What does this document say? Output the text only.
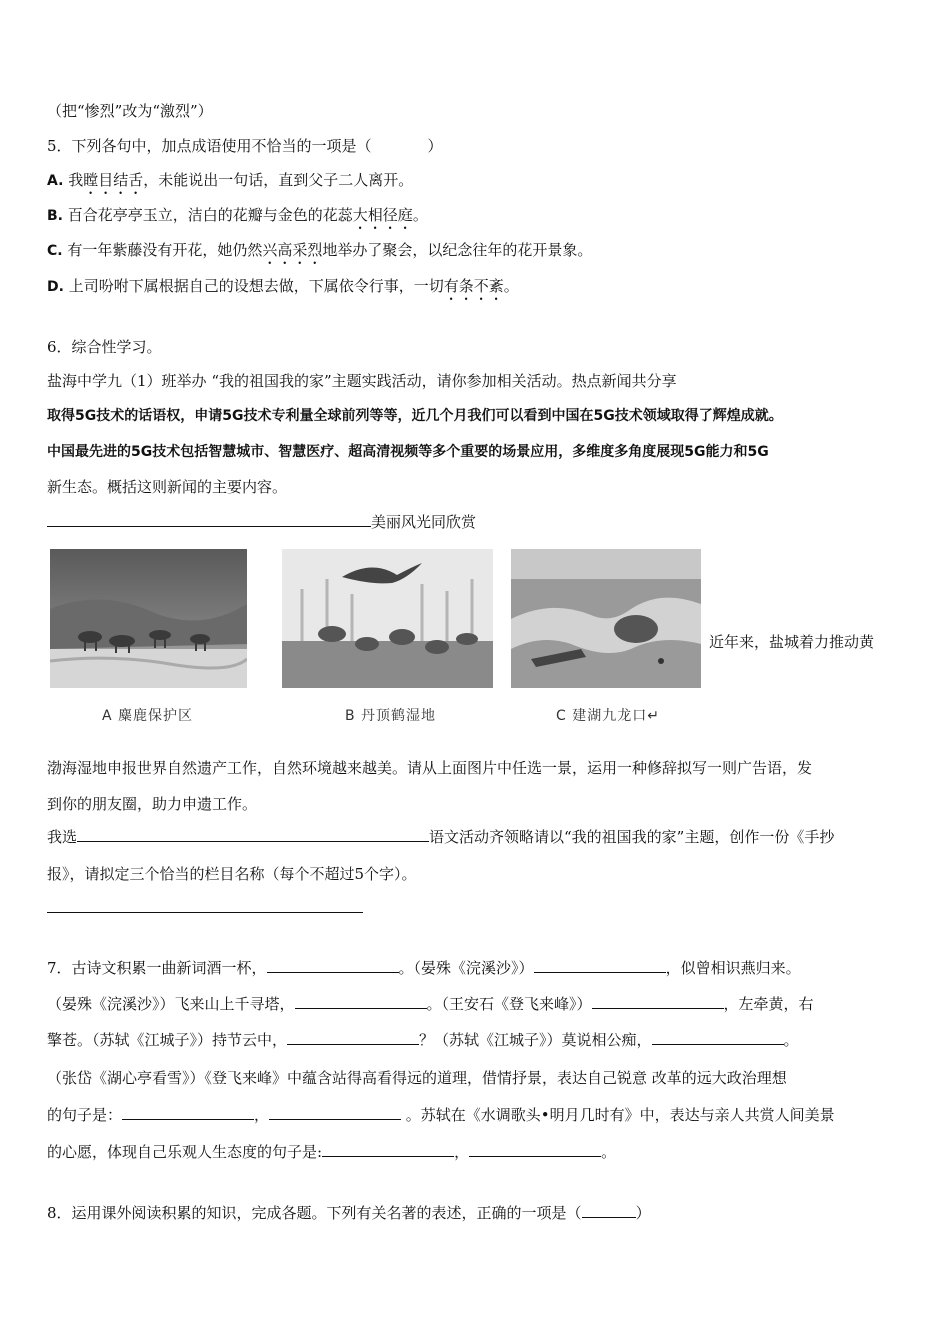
（把“惨烈”改为“激烈”）
5．下列各句中，加点成语使用不恰当的一项是（	）
A. 我瞠目结舌，未能说出一句话，直到父子二人离开。
B. 百合花亭亭玉立，洁白的花瓣与金色的花蕊大相径庭。
C. 有一年紫藤没有开花，她仍然兴高采烈地举办了聚会，以纪念往年的花开景象。
D. 上司吩咐下属根据自己的设想去做，下属依令行事，一切有条不紊。
6．综合性学习。
盐海中学九（1）班举办 “我的祖国我的家”主题实践活动，请你参加相关活动。热点新闻共分享
取得5G技术的话语权，申请5G技术专利量全球前列等等，近几个月我们可以看到中国在5G技术领域取得了辉煌成就。
中国最先进的5G技术包括智慧城市、智慧医疗、超高清视频等多个重要的场景应用，多维度多角度展现5G能力和5G
新生态。概括这则新闻的主要内容。
美丽风光同欣赏
A 麋鹿保护区	B 丹顶鹤湿地	C 建湖九龙口↵
近年来，盐城着力推动黄
渤海湿地申报世界自然遗产工作，自然环境越来越美。请从上面图片中任选一景，运用一种修辞拟写一则广告语，发
到你的朋友圈，助力申遗工作。
我选	语文活动齐领略请以“我的祖国我的家”主题，创作一份《手抄
报》，请拟定三个恰当的栏目名称（每个不超过5个字）。
7．古诗文积累一曲新词酒一杯，	。（晏殊《浣溪沙》）	，似曾相识燕归来。
（晏殊《浣溪沙》）飞来山上千寻塔，	。（王安石《登飞来峰》）	，左牵黄，右
擎苍。（苏轼《江城子》）持节云中，	？（苏轼《江城子》）莫说相公痴，	。
（张岱《湖心亭看雪》）《登飞来峰》中蕴含站得高看得远的道理，借情抒景，表达自己锐意 改革的远大政治理想
的句子是：	，	。苏轼在《水调歌头•明月几时有》中，表达与亲人共赏人间美景
的心愿，体现自己乐观人生态度的句子是:	，	。
8．运用课外阅读积累的知识，完成各题。下列有关名著的表述，正确的一项是（	）
